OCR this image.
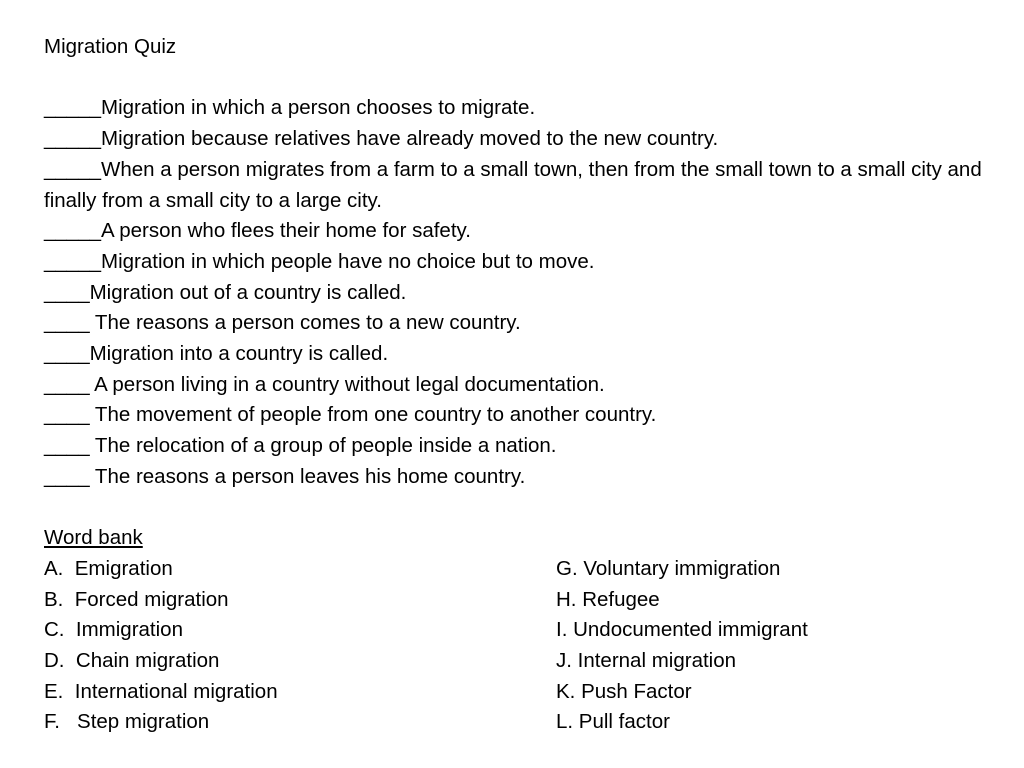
Migration Quiz
_____Migration in which a person chooses to migrate.
_____Migration because relatives have already moved to the new country.
_____When a person migrates from a farm to a small town, then from the small town to a small city and finally from a small city to a large city.
_____A person who flees their home for safety.
_____Migration in which people have no choice but to move.
____Migration out of a country is called.
____ The reasons a person comes to a new country.
____Migration into a country is called.
____ A person living in a country without legal documentation.
____ The movement of people from one country to another country.
____ The relocation of a group of people inside a nation.
____ The reasons a person leaves his home country.
Word bank
A.  Emigration
B.  Forced migration
C.  Immigration
D.  Chain migration
E.  International migration
F.   Step migration
G. Voluntary immigration
H. Refugee
I. Undocumented immigrant
J. Internal migration
K. Push Factor
L. Pull factor
